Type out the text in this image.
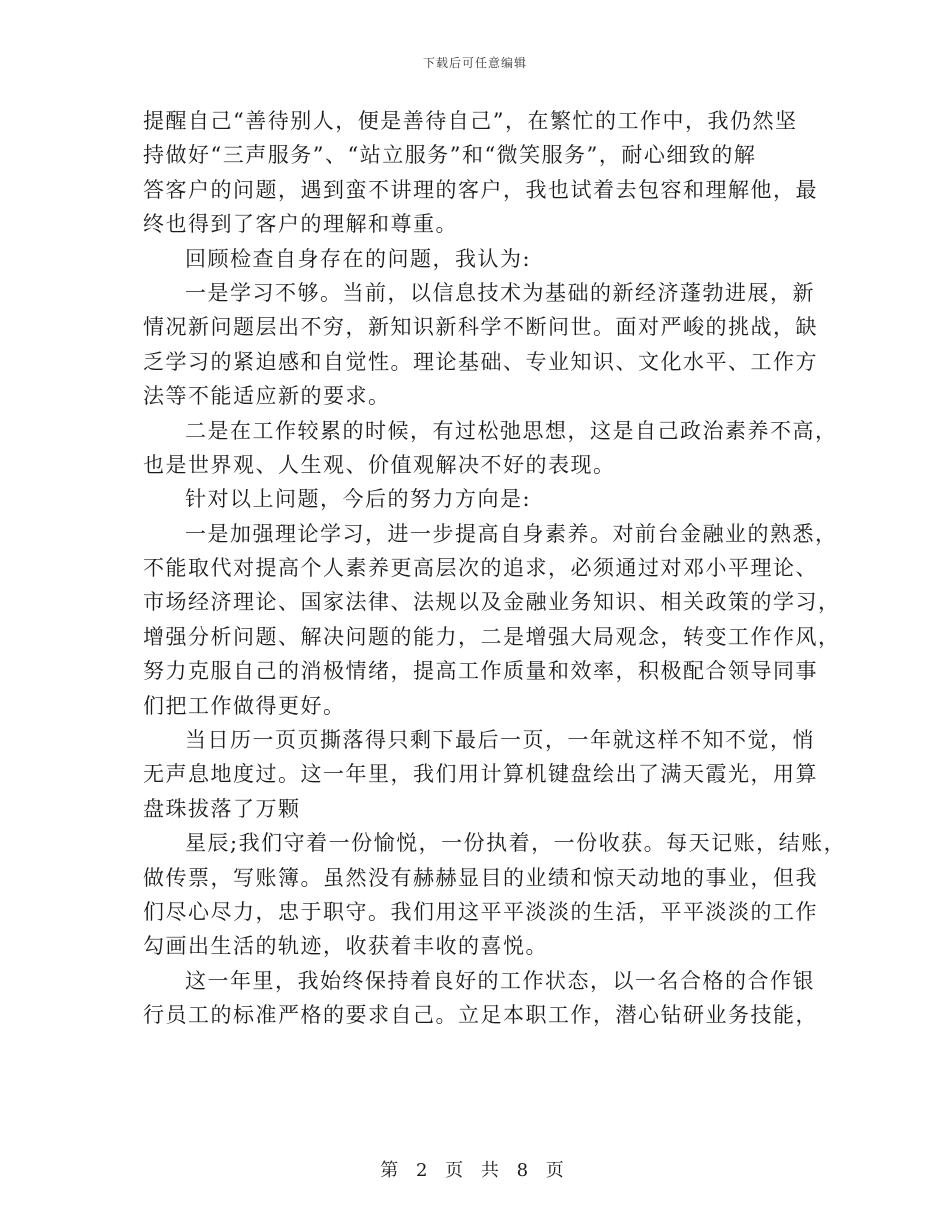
下载后可任意编辑
提醒自己“善待别人，便是善待自己”，在繁忙的工作中，我仍然坚
持做好“三声服务”、“站立服务”和“微笑服务”，耐心细致的解
答客户的问题，遇到蛮不讲理的客户，我也试着去包容和理解他，最
终也得到了客户的理解和尊重。
回顾检查自身存在的问题，我认为:
一是学习不够。当前，以信息技术为基础的新经济蓬勃进展，新
情况新问题层出不穷，新知识新科学不断问世。面对严峻的挑战，缺
乏学习的紧迫感和自觉性。理论基础、专业知识、文化水平、工作方
法等不能适应新的要求。
二是在工作较累的时候，有过松弛思想，这是自己政治素养不高，
也是世界观、人生观、价值观解决不好的表现。
针对以上问题，今后的努力方向是:
一是加强理论学习，进一步提高自身素养。对前台金融业的熟悉，
不能取代对提高个人素养更高层次的追求，必须通过对邓小平理论、
市场经济理论、国家法律、法规以及金融业务知识、相关政策的学习，
增强分析问题、解决问题的能力，二是增强大局观念，转变工作作风，
努力克服自己的消极情绪，提高工作质量和效率，积极配合领导同事
们把工作做得更好。
当日历一页页撕落得只剩下最后一页，一年就这样不知不觉，悄
无声息地度过。这一年里，我们用计算机键盘绘出了满天霞光，用算
盘珠拔落了万颗
星辰;我们守着一份愉悦，一份执着，一份收获。每天记账，结账，
做传票，写账簿。虽然没有赫赫显目的业绩和惊天动地的事业，但我
们尽心尽力，忠于职守。我们用这平平淡淡的生活，平平淡淡的工作
勾画出生活的轨迹，收获着丰收的喜悦。
这一年里，我始终保持着良好的工作状态，以一名合格的合作银
行员工的标准严格的要求自己。立足本职工作，潜心钻研业务技能，
第 2 页 共 8 页
